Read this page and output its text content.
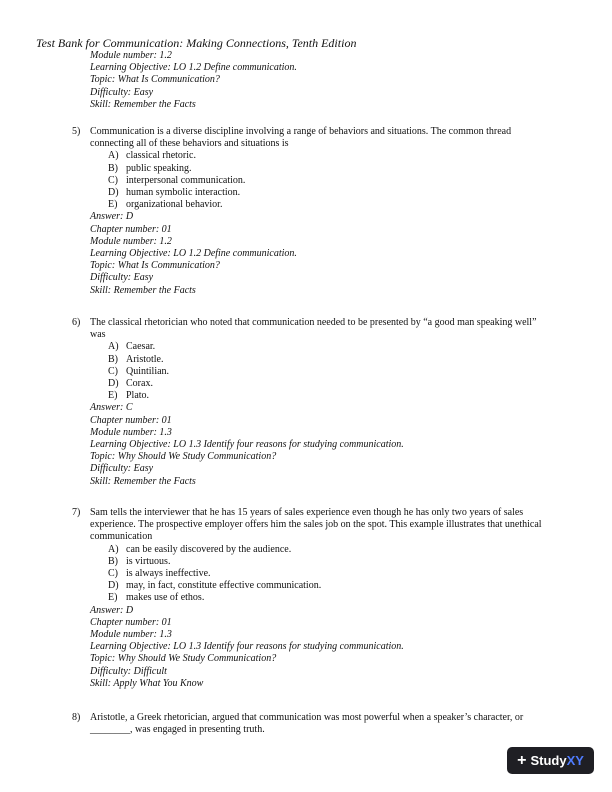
Test Bank for Communication: Making Connections, Tenth Edition
Module number: 1.2
Learning Objective: LO 1.2 Define communication.
Topic: What Is Communication?
Difficulty: Easy
Skill: Remember the Facts
5) Communication is a diverse discipline involving a range of behaviors and situations. The common thread connecting all of these behaviors and situations is
A) classical rhetoric.
B) public speaking.
C) interpersonal communication.
D) human symbolic interaction.
E) organizational behavior.
Answer: D
Chapter number: 01
Module number: 1.2
Learning Objective: LO 1.2 Define communication.
Topic: What Is Communication?
Difficulty: Easy
Skill: Remember the Facts
6) The classical rhetorician who noted that communication needed to be presented by “a good man speaking well” was
A) Caesar.
B) Aristotle.
C) Quintilian.
D) Corax.
E) Plato.
Answer: C
Chapter number: 01
Module number: 1.3
Learning Objective: LO 1.3 Identify four reasons for studying communication.
Topic: Why Should We Study Communication?
Difficulty: Easy
Skill: Remember the Facts
7) Sam tells the interviewer that he has 15 years of sales experience even though he has only two years of sales experience. The prospective employer offers him the sales job on the spot. This example illustrates that unethical communication
A) can be easily discovered by the audience.
B) is virtuous.
C) is always ineffective.
D) may, in fact, constitute effective communication.
E) makes use of ethos.
Answer: D
Chapter number: 01
Module number: 1.3
Learning Objective: LO 1.3 Identify four reasons for studying communication.
Topic: Why Should We Study Communication?
Difficulty: Difficult
Skill: Apply What You Know
8) Aristotle, a Greek rhetorician, argued that communication was most powerful when a speaker’s character, or ________, was engaged in presenting truth.
+ StudyXY
